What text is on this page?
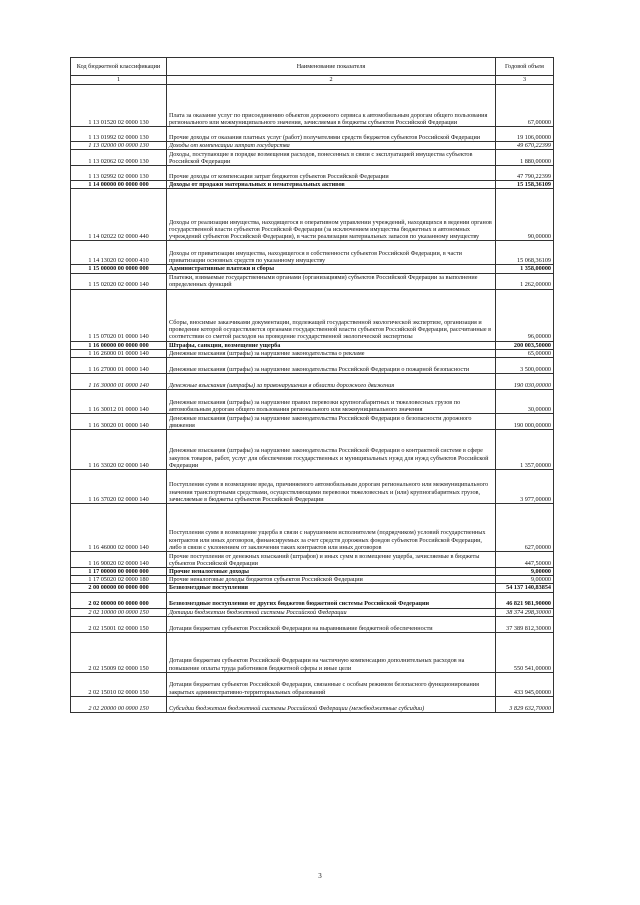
Код бюджетной классификации	Наименование показателя	Годовой объем
1	2	3
1 13 01520 02 0000 130	Плата за оказание услуг по присоединению объектов дорожного сервиса к автомобильным дорогам общего пользования регионального или межмуниципального значения, зачисляемая в бюджеты субъектов Российской Федерации	67,00000
1 13 01992 02 0000 130	Прочие доходы от оказания платных услуг (работ) получателями средств бюджетов субъектов Российской Федерации	19 106,00000
1 13 02000 00 0000 130	Доходы от компенсации затрат государства	49 670,22399
1 13 02062 02 0000 130	Доходы, поступающие в порядке возмещения расходов, понесенных в связи с эксплуатацией имущества субъектов Российской Федерации	1 880,00000
1 13 02992 02 0000 130	Прочие доходы от компенсации затрат бюджетов субъектов Российской Федерации	47 790,22399
1 14 00000 00 0000 000	Доходы от продажи материальных и нематериальных активов	15 158,36109
1 14 02022 02 0000 440	Доходы от реализации имущества, находящегося в оперативном управлении учреждений, находящихся в ведении органов государственной власти субъектов Российской Федерации (за исключением имущества бюджетных и автономных учреждений субъектов Российской Федерации), в части реализации материальных запасов по указанному имуществу	90,00000
1 14 13020 02 0000 410	Доходы от приватизации имущества, находящегося в собственности субъектов Российской Федерации, в части приватизации основных средств по указанному имуществу	15 068,36109
1 15 00000 00 0000 000	Административные платежи и сборы	1 358,00000
1 15 02020 02 0000 140	Платежи, взимаемые государственными органами (организациями) субъектов Российской Федерации за выполнение определенных функций	1 262,00000
1 15 07020 01 0000 140	Сборы, вносимые заказчиками документации, подлежащей государственной экологической экспертизе, организация и проведение которой осуществляется органами государственной власти субъектов Российской Федерации, рассчитанные в соответствии со сметой расходов на проведение государственной экологической экспертизы	96,00000
1 16 00000 00 0000 000	Штрафы, санкции, возмещение ущерба	200 003,50000
1 16 26000 01 0000 140	Денежные взыскания (штрафы) за нарушение законодательства о рекламе	65,00000
1 16 27000 01 0000 140	Денежные взыскания (штрафы) за нарушение законодательства Российской Федерации о пожарной безопасности	3 500,00000
1 16 30000 01 0000 140	Денежные взыскания (штрафы) за правонарушения в области дорожного движения	190 030,00000
1 16 30012 01 0000 140	Денежные взыскания (штрафы) за нарушение правил перевозки крупногабаритных и тяжеловесных грузов по автомобильным дорогам общего пользования регионального или межмуниципального значения	30,00000
1 16 30020 01 0000 140	Денежные взыскания (штрафы) за нарушение законодательства Российской Федерации о безопасности дорожного движения	190 000,00000
1 16 33020 02 0000 140	Денежные взыскания (штрафы) за нарушение законодательства Российской Федерации о контрактной системе в сфере закупок товаров, работ, услуг для обеспечения государственных и муниципальных нужд для нужд субъектов Российской Федерации	1 357,00000
1 16 37020 02 0000 140	Поступления сумм в возмещение вреда, причиняемого автомобильным дорогам регионального или межмуниципального значения транспортными средствами, осуществляющими перевозки тяжеловесных и (или) крупногабаритных грузов, зачисляемые в бюджеты субъектов Российской Федерации	3 977,00000
1 16 46000 02 0000 140	Поступления сумм в возмещение ущерба в связи с нарушением исполнителем (подрядчиком) условий государственных контрактов или иных договоров, финансируемых за счет средств дорожных фондов субъектов Российской Федерации, либо в связи с уклонением от заключения таких контрактов или иных договоров	627,00000
1 16 90020 02 0000 140	Прочие поступления от денежных взысканий (штрафов) и иных сумм в возмещение ущерба, зачисляемые в бюджеты субъектов Российской Федерации	447,50000
1 17 00000 00 0000 000	Прочие неналоговые доходы	9,00000
1 17 05020 02 0000 180	Прочие неналоговые доходы бюджетов субъектов Российской Федерации	9,00000
2 00 00000 00 0000 000	Безвозмездные поступления	54 137 140,83854
2 02 00000 00 0000 000	Безвозмездные поступления от других бюджетов бюджетной системы Российской Федерации	46 821 981,90000
2 02 10000 00 0000 150	Дотации бюджетам бюджетной системы Российской Федерации	38 374 298,30000
2 02 15001 02 0000 150	Дотации бюджетам субъектов Российской Федерации на выравнивание бюджетной обеспеченности	37 389 812,30000
2 02 15009 02 0000 150	Дотации бюджетам субъектов Российской Федерации на частичную компенсацию дополнительных расходов на повышение оплаты труда работников бюджетной сферы и иные цели	550 541,00000
2 02 15010 02 0000 150	Дотации бюджетам субъектов Российской Федерации, связанные с особым режимом безопасного функционирования закрытых административно-территориальных образований	433 945,00000
2 02 20000 00 0000 150	Субсидии бюджетам бюджетной системы Российской Федерации (межбюджетные субсидии)	3 829 632,70000
3
